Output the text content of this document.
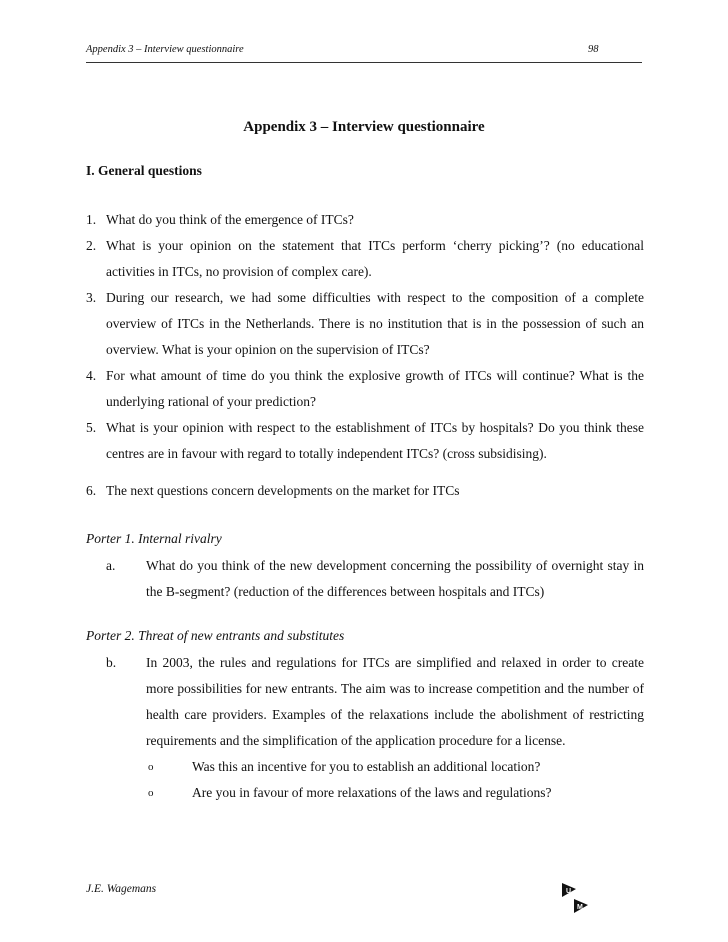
Appendix 3 – Interview questionnaire	98
Appendix 3 – Interview questionnaire
I. General questions
1. What do you think of the emergence of ITCs?
2. What is your opinion on the statement that ITCs perform ‘cherry picking’? (no educational activities in ITCs, no provision of complex care).
3. During our research, we had some difficulties with respect to the composition of a complete overview of ITCs in the Netherlands. There is no institution that is in the possession of such an overview. What is your opinion on the supervision of ITCs?
4. For what amount of time do you think the explosive growth of ITCs will continue? What is the underlying rational of your prediction?
5. What is your opinion with respect to the establishment of ITCs by hospitals? Do you think these centres are in favour with regard to totally independent ITCs? (cross subsidising).
6. The next questions concern developments on the market for ITCs
Porter 1. Internal rivalry
a. What do you think of the new development concerning the possibility of overnight stay in the B-segment? (reduction of the differences between hospitals and ITCs)
Porter 2. Threat of new entrants and substitutes
b. In 2003, the rules and regulations for ITCs are simplified and relaxed in order to create more possibilities for new entrants. The aim was to increase competition and the number of health care providers. Examples of the relaxations include the abolishment of restricting requirements and the simplification of the application procedure for a license.
o	Was this an incentive for you to establish an additional location?
o	Are you in favour of more relaxations of the laws and regulations?
J.E. Wagemans	U
M
